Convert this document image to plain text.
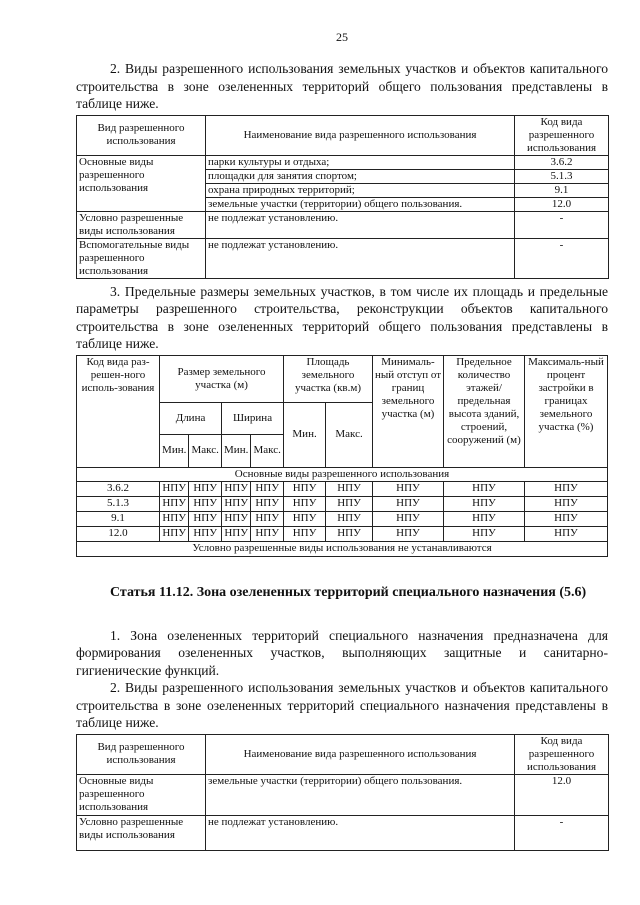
25

2. Виды разрешенного использования земельных участков и объектов капитального строительства в зоне озелененных территорий общего пользования представлены в таблице ниже.

Вид разрешенного использования	Наименование вида разрешенного использования	Код вида разрешенного использования
Основные виды разрешенного использования	парки культуры и отдыха;	3.6.2
	площадки для занятия спортом;	5.1.3
	охрана природных территорий;	9.1
	земельные участки (территории) общего пользования.	12.0
Условно разрешенные виды использования	не подлежат установлению.	-
Вспомогательные виды разрешенного использования	не подлежат установлению.	-

3. Предельные размеры земельных участков, в том числе их площадь и предельные параметры разрешенного строительства, реконструкции объектов капитального строительства в зоне озелененных территорий общего пользования представлены в таблице ниже.

Код вида раз-решен-ного исполь-зования	Размер земельного участка (м)				Площадь земельного участка (кв.м)		Минималь-ный отступ от границ земельного участка (м)	Предельное количество этажей/ предельная высота зданий, строений, сооружений (м)	Максималь-ный процент застройки в границах земельного участка (%)
	Длина		Ширина		Мин.	Макс.			
	Мин.	Макс.	Мин.	Макс.					
Основные виды разрешенного использования									
3.6.2	НПУ	НПУ	НПУ	НПУ	НПУ	НПУ	НПУ	НПУ	НПУ
5.1.3	НПУ	НПУ	НПУ	НПУ	НПУ	НПУ	НПУ	НПУ	НПУ
9.1	НПУ	НПУ	НПУ	НПУ	НПУ	НПУ	НПУ	НПУ	НПУ
12.0	НПУ	НПУ	НПУ	НПУ	НПУ	НПУ	НПУ	НПУ	НПУ
Условно разрешенные виды использования не устанавливаются									
Статья 11.12. Зона озелененных территорий специального назначения (5.6)

1. Зона озелененных территорий специального назначения предназначена для формирования озелененных участков, выполняющих защитные и санитарно-гигиенические функций.

2. Виды разрешенного использования земельных участков и объектов капитального строительства в зоне озелененных территорий специального назначения представлены в таблице ниже.

Вид разрешенного использования	Наименование вида разрешенного использования	Код вида разрешенного использования
Основные виды разрешенного использования	земельные участки (территории) общего пользования.	12.0
Условно разрешенные виды использования	не подлежат установлению.	-
